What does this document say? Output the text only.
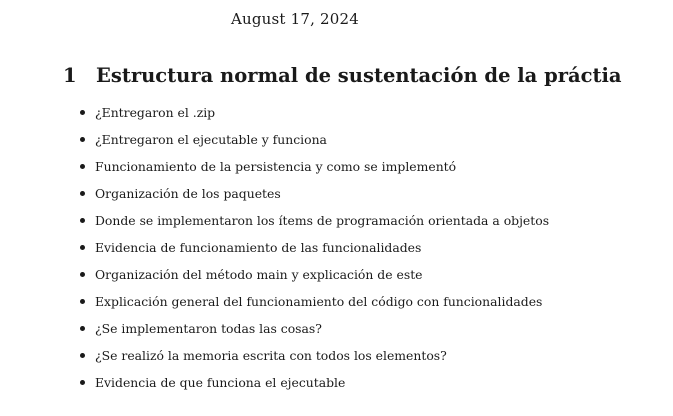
August 17, 2024
1 Estructura normal de sustentación de la práctia
¿Entregaron el .zip
¿Entregaron el ejecutable y funciona
Funcionamiento de la persistencia y como se implementó
Organización de los paquetes
Donde se implementaron los ítems de programación orientada a objetos
Evidencia de funcionamiento de las funcionalidades
Organización del método main y explicación de este
Explicación general del funcionamiento del código con funcionalidades
¿Se implementaron todas las cosas?
¿Se realizó la memoria escrita con todos los elementos?
Evidencia de que funciona el ejecutable
